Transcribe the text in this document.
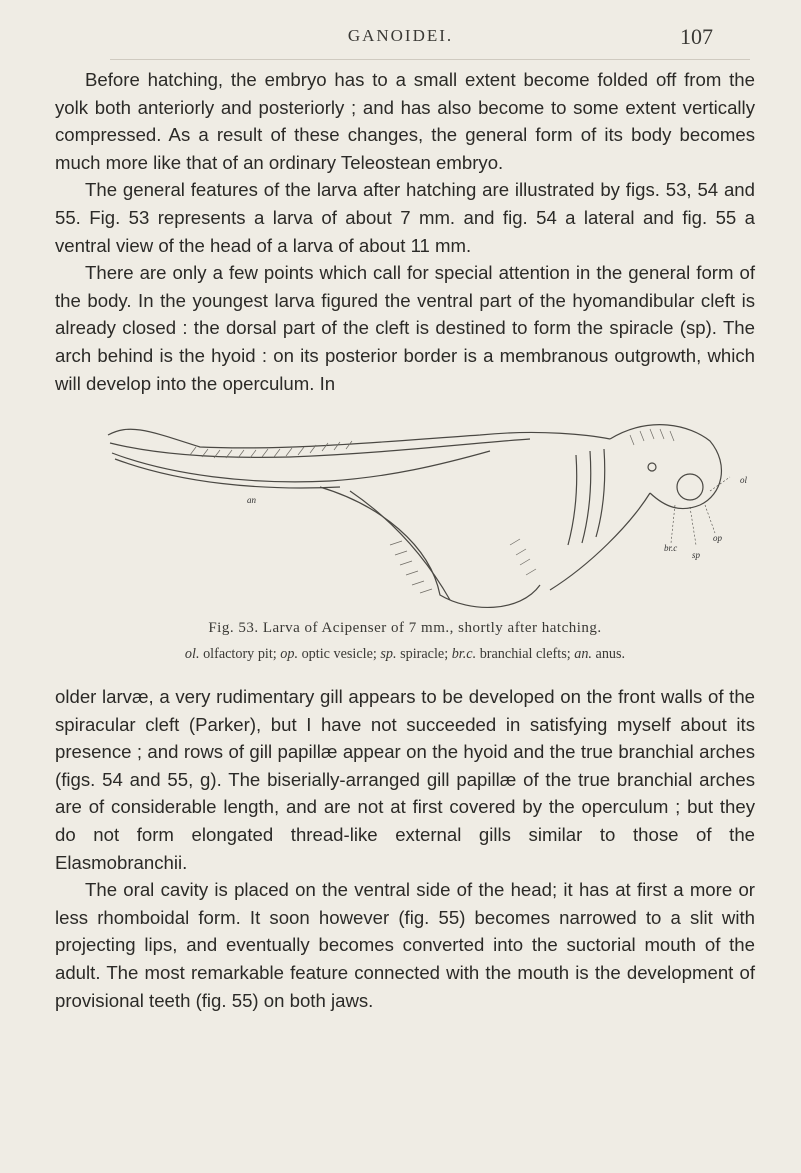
GANOIDEI.	107

Before hatching, the embryo has to a small extent become folded off from the yolk both anteriorly and posteriorly ; and has also become to some extent vertically compressed. As a result of these changes, the general form of its body becomes much more like that of an ordinary Teleostean embryo.

The general features of the larva after hatching are illustrated by figs. 53, 54 and 55. Fig. 53 represents a larva of about 7 mm. and fig. 54 a lateral and fig. 55 a ventral view of the head of a larva of about 11 mm.

There are only a few points which call for special attention in the general form of the body. In the youngest larva figured the ventral part of the hyomandibular cleft is already closed : the dorsal part of the cleft is destined to form the spiracle (sp). The arch behind is the hyoid : on its posterior border is a membranous outgrowth, which will develop into the operculum. In

an
ol
op
br.c
sp
Fig. 53. Larva of Acipenser of 7 mm., shortly after hatching.
ol. olfactory pit; op. optic vesicle; sp. spiracle; br.c. branchial clefts; an. anus.

older larvæ, a very rudimentary gill appears to be developed on the front walls of the spiracular cleft (Parker), but I have not succeeded in satisfying myself about its presence ; and rows of gill papillæ appear on the hyoid and the true branchial arches (figs. 54 and 55, g). The biserially-arranged gill papillæ of the true branchial arches are of considerable length, and are not at first covered by the operculum ; but they do not form elongated thread-like external gills similar to those of the Elasmobranchii.

The oral cavity is placed on the ventral side of the head; it has at first a more or less rhomboidal form. It soon however (fig. 55) becomes narrowed to a slit with projecting lips, and eventually becomes converted into the suctorial mouth of the adult. The most remarkable feature connected with the mouth is the development of provisional teeth (fig. 55) on both jaws.
